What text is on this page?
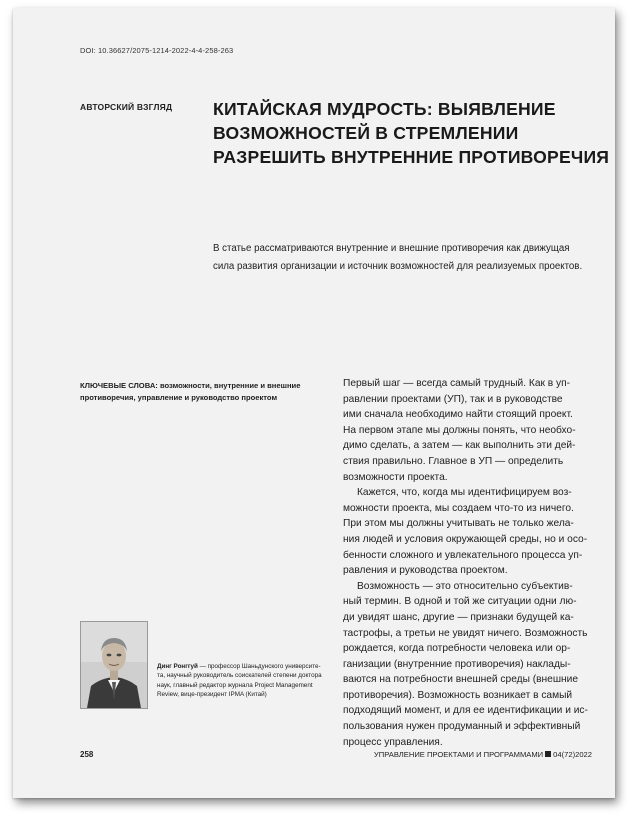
DOI: 10.36627/2075-1214-2022-4-4-258-263
АВТОРСКИЙ ВЗГЛЯД КИТАЙСКАЯ МУДРОСТЬ: ВЫЯВЛЕНИЕ
ВОЗМОЖНОСТЕЙ В СТРЕМЛЕНИИ
РАЗРЕШИТЬ ВНУТРЕННИЕ ПРОТИВОРЕЧИЯ

В статье рассматриваются внутренние и внешние противоречия как движущая
сила развития организации и источник возможностей для реализуемых проектов.

КЛЮЧЕВЫЕ СЛОВА: возможности, внутренние и внешние
противоречия, управление и руководство проектом

Первый шаг — всегда самый трудный. Как в уп-
равлении проектами (УП), так и в руководстве
ими сначала необходимо найти стоящий проект.
На первом этапе мы должны понять, что необхо-
димо сделать, а затем — как выполнить эти дей-
ствия правильно. Главное в УП — определить
возможности проекта.
Кажется, что, когда мы идентифицируем воз-
можности проекта, мы создаем что-то из ничего.
При этом мы должны учитывать не только жела-
ния людей и условия окружающей среды, но и осо-
бенности сложного и увлекательного процесса уп-
равления и руководства проектом.
Возможность — это относительно субъектив-
ный термин. В одной и той же ситуации одни лю-
ди увидят шанс, другие — признаки будущей ка-
тастрофы, а третьи не увидят ничего. Возможность
рождается, когда потребности человека или ор-
ганизации (внутренние противоречия) наклады-
ваются на потребности внешней среды (внешние
противоречия). Возможность возникает в самый
подходящий момент, и для ее идентификации и ис-
пользования нужен продуманный и эффективный
процесс управления.

Динг Ронггуй — профессор Шаньдунского университе-
та, научный руководитель соискателей степени доктора
наук, главный редактор журнала Project Management
Review, вице-президент IPMA (Китай)

258	УПРАВЛЕНИЕ ПРОЕКТАМИ И ПРОГРАММАМИ 04(72)2022
